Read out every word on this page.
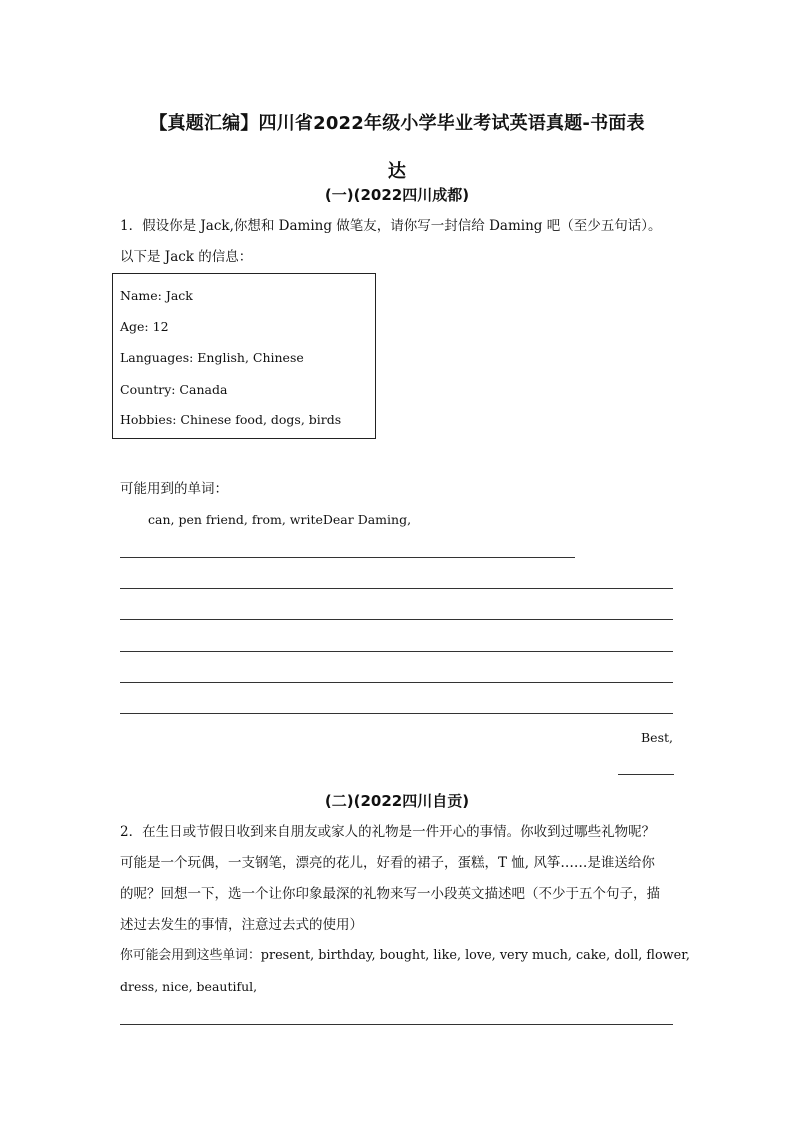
【真题汇编】四川省2022年级小学毕业考试英语真题-书面表
达
(一)(2022四川成都)
1．假设你是 Jack,你想和 Daming 做笔友，请你写一封信给 Daming 吧（至少五句话）。
以下是 Jack 的信息：
Name: Jack
Age: 12
Languages: English, Chinese
Country: Canada
Hobbies: Chinese food, dogs, birds
可能用到的单词：
can, pen friend, from, writeDear Daming,
Best,
(二)(2022四川自贡)
2．在生日或节假日收到来自朋友或家人的礼物是一件开心的事情。你收到过哪些礼物呢？
可能是一个玩偶，一支钢笔，漂亮的花儿，好看的裙子，蛋糕，T 恤, 风筝……是谁送给你
的呢？回想一下，选一个让你印象最深的礼物来写一小段英文描述吧（不少于五个句子，描
述过去发生的事情，注意过去式的使用）
你可能会用到这些单词：present, birthday, bought, like, love, very much, cake, doll, flower,
dress, nice, beautiful,
